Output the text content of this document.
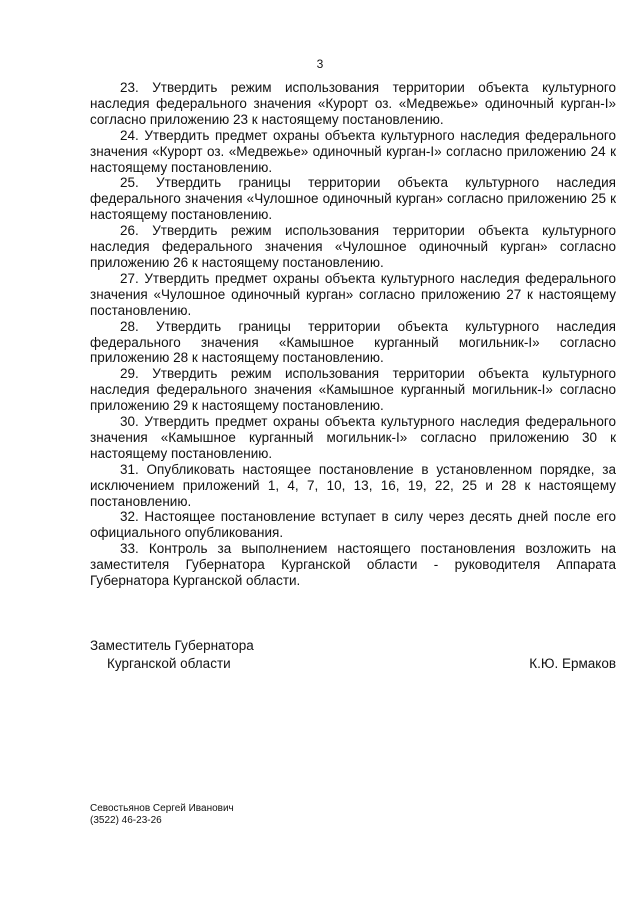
3

23. Утвердить режим использования территории объекта культурного наследия федерального значения «Курорт оз. «Медвежье» одиночный курган-I» согласно приложению 23 к настоящему постановлению.

24. Утвердить предмет охраны объекта культурного наследия федерального значения «Курорт оз. «Медвежье» одиночный курган-I» согласно приложению 24 к настоящему постановлению.

25. Утвердить границы территории объекта культурного наследия федерального значения «Чулошное одиночный курган» согласно приложению 25 к настоящему постановлению.

26. Утвердить режим использования территории объекта культурного наследия федерального значения «Чулошное одиночный курган» согласно приложению 26 к настоящему постановлению.

27. Утвердить предмет охраны объекта культурного наследия федерального значения «Чулошное одиночный курган» согласно приложению 27 к настоящему постановлению.

28. Утвердить границы территории объекта культурного наследия федерального значения «Камышное курганный могильник-I» согласно приложению 28 к настоящему постановлению.

29. Утвердить режим использования территории объекта культурного наследия федерального значения «Камышное курганный могильник-I» согласно приложению 29 к настоящему постановлению.

30. Утвердить предмет охраны объекта культурного наследия федерального значения «Камышное курганный могильник-I» согласно приложению 30 к настоящему постановлению.

31. Опубликовать настоящее постановление в установленном порядке, за исключением приложений 1, 4, 7, 10, 13, 16, 19, 22, 25 и 28 к настоящему постановлению.

32. Настоящее постановление вступает в силу через десять дней после его официального опубликования.

33. Контроль за выполнением настоящего постановления возложить на заместителя Губернатора Курганской области - руководителя Аппарата Губернатора Курганской области.

Заместитель Губернатора
Курганской области	К.Ю. Ермаков
Севостьянов Сергей Иванович
(3522) 46-23-26
